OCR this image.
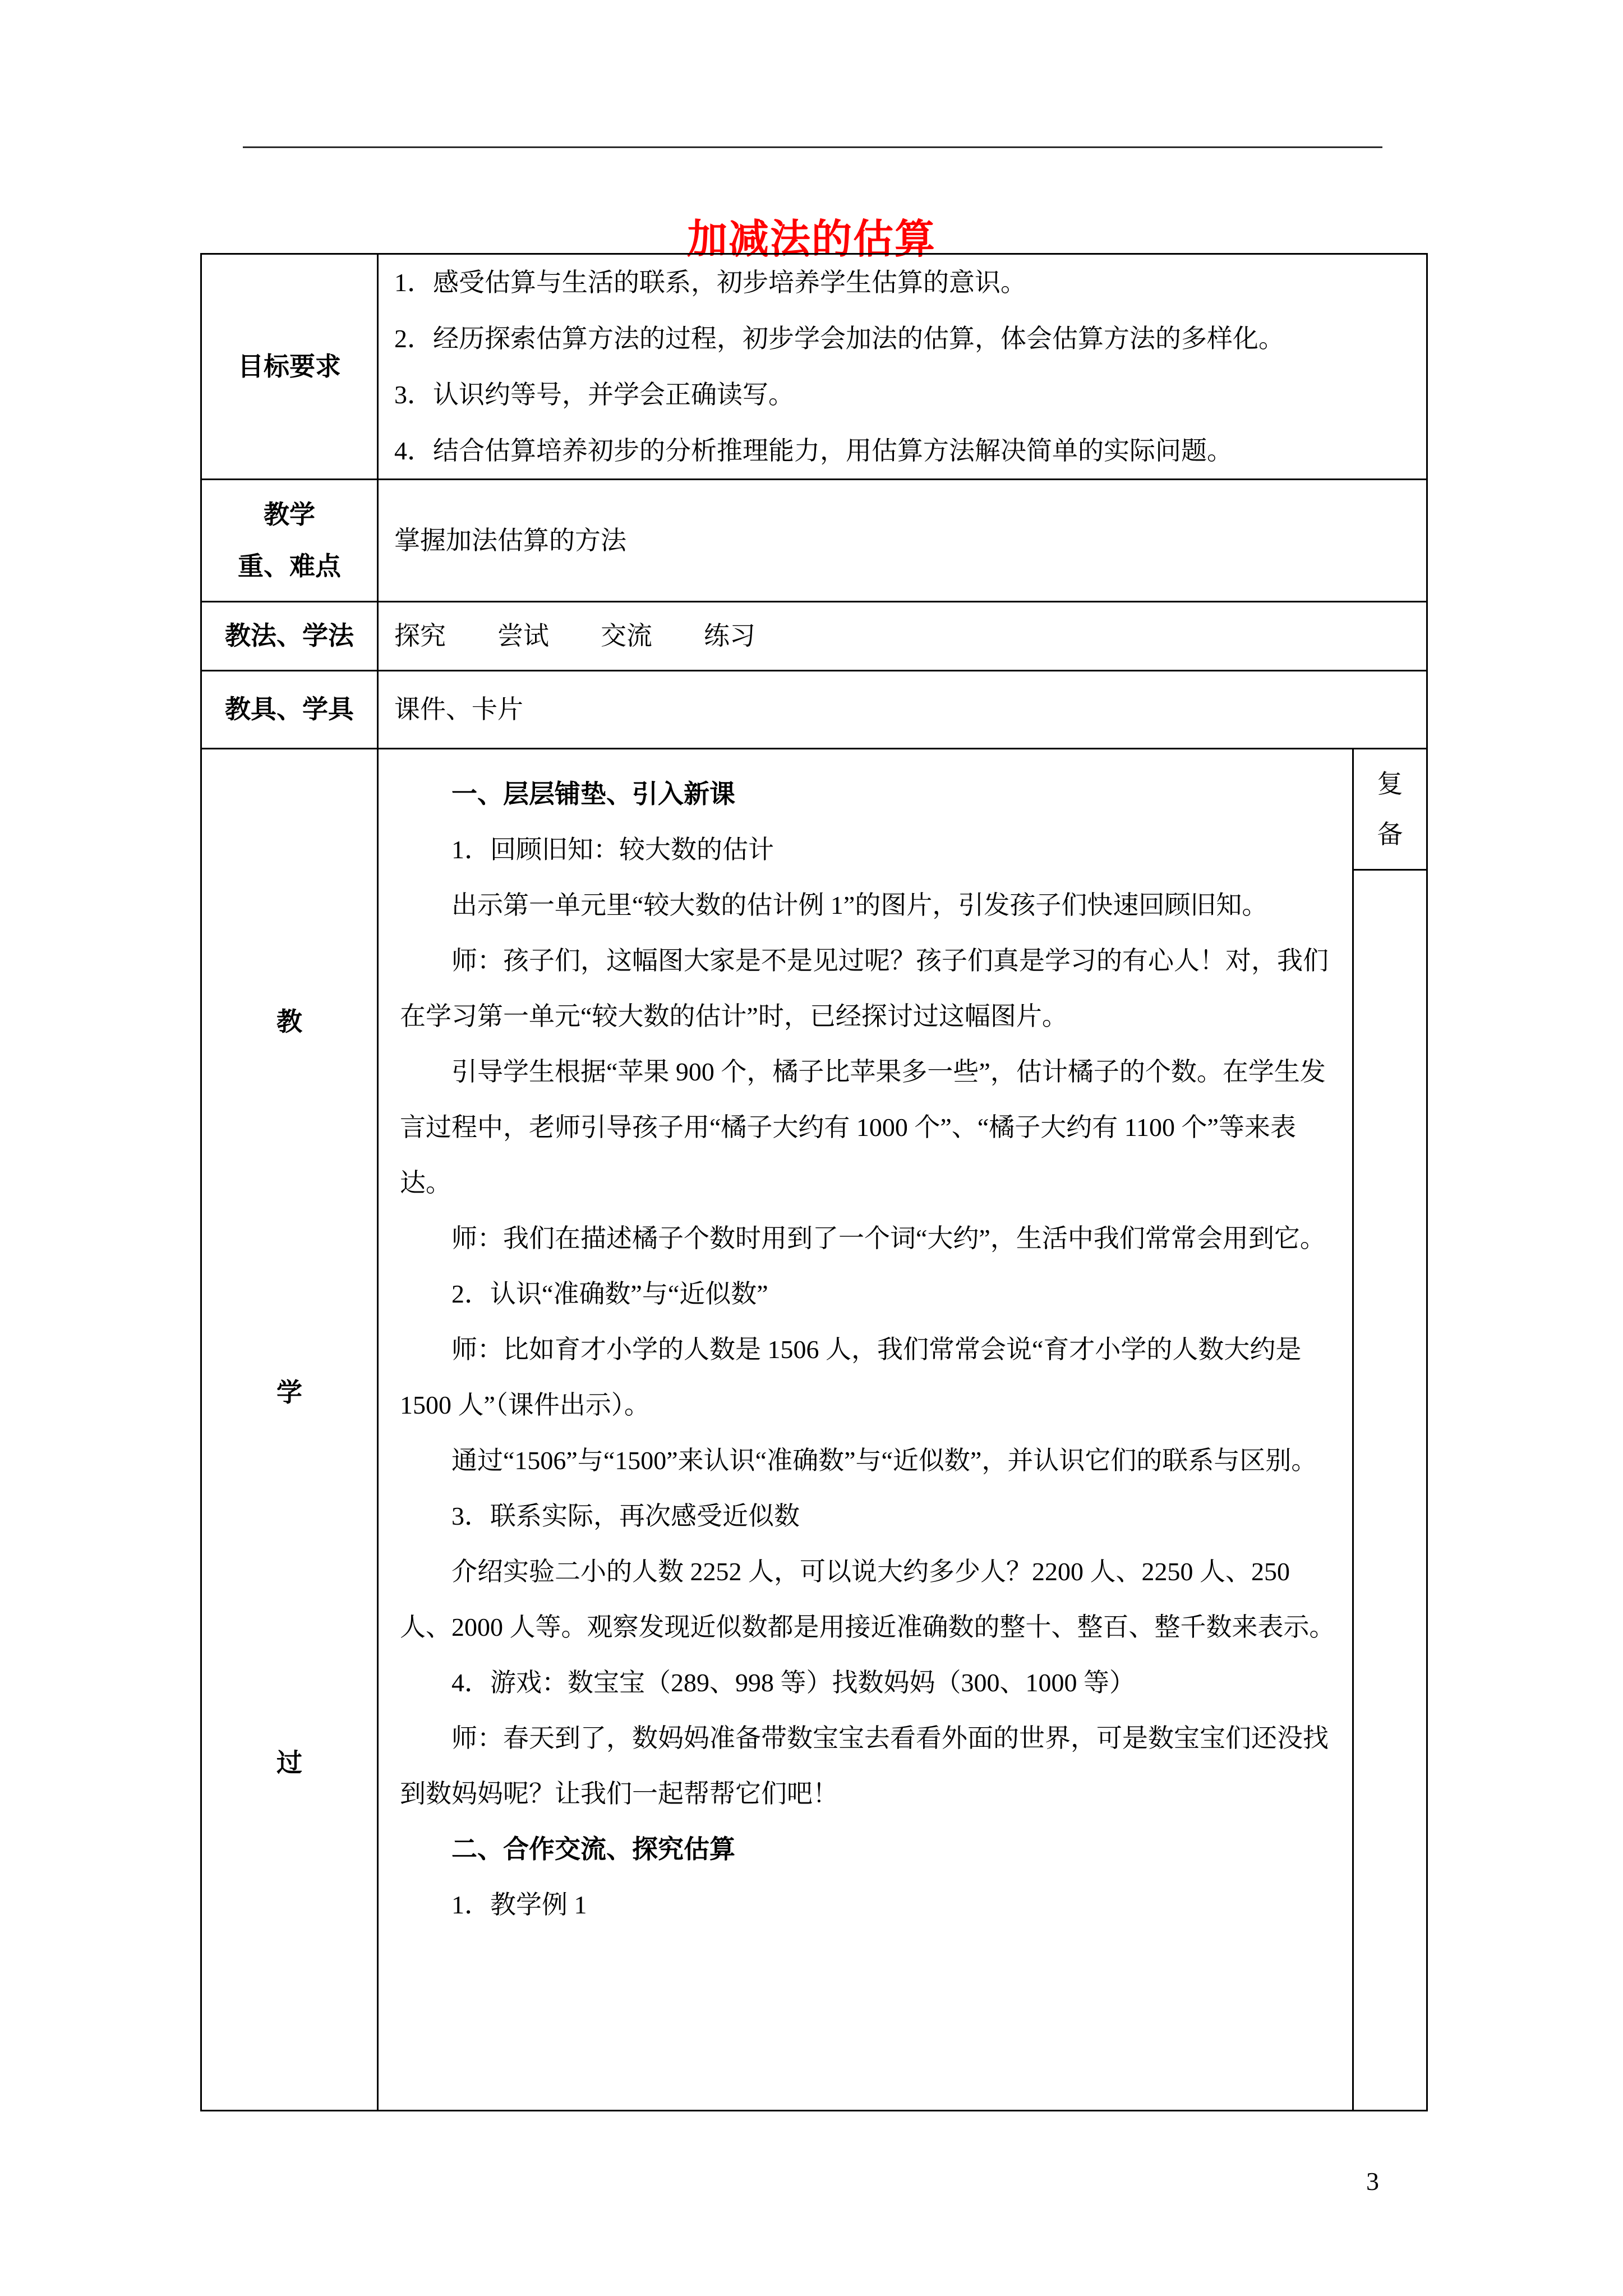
加减法的估算
目标要求
1．感受估算与生活的联系，初步培养学生估算的意识。
2．经历探索估算方法的过程，初步学会加法的估算，体会估算方法的多样化。
3．认识约等号，并学会正确读写。
4．结合估算培养初步的分析推理能力，用估算方法解决简单的实际问题。
教学
重、难点
掌握加法估算的方法
教法、学法	探究　　尝试　　交流　　练习
教具、学具	课件、卡片
教
学
过
一、层层铺垫、引入新课
1．回顾旧知：较大数的估计
出示第一单元里“较大数的估计例 1”的图片，引发孩子们快速回顾旧知。
师：孩子们，这幅图大家是不是见过呢？孩子们真是学习的有心人！对，我们在学习第一单元“较大数的估计”时，已经探讨过这幅图片。
引导学生根据“苹果 900 个，橘子比苹果多一些”，估计橘子的个数。在学生发言过程中，老师引导孩子用“橘子大约有 1000 个”、“橘子大约有 1100 个”等来表达。
师：我们在描述橘子个数时用到了一个词“大约”，生活中我们常常会用到它。
2．认识“准确数”与“近似数”
师：比如育才小学的人数是 1506 人，我们常常会说“育才小学的人数大约是 1500 人”（课件出示）。
通过“1506”与“1500”来认识“准确数”与“近似数”，并认识它们的联系与区别。
3．联系实际，再次感受近似数
介绍实验二小的人数 2252 人，可以说大约多少人？2200 人、2250 人、250 人、2000 人等。观察发现近似数都是用接近准确数的整十、整百、整千数来表示。
4．游戏：数宝宝（289、998 等）找数妈妈（300、1000 等）
师：春天到了，数妈妈准备带数宝宝去看看外面的世界，可是数宝宝们还没找到数妈妈呢？让我们一起帮帮它们吧！
二、合作交流、探究估算
1．教学例 1
复
备
3
